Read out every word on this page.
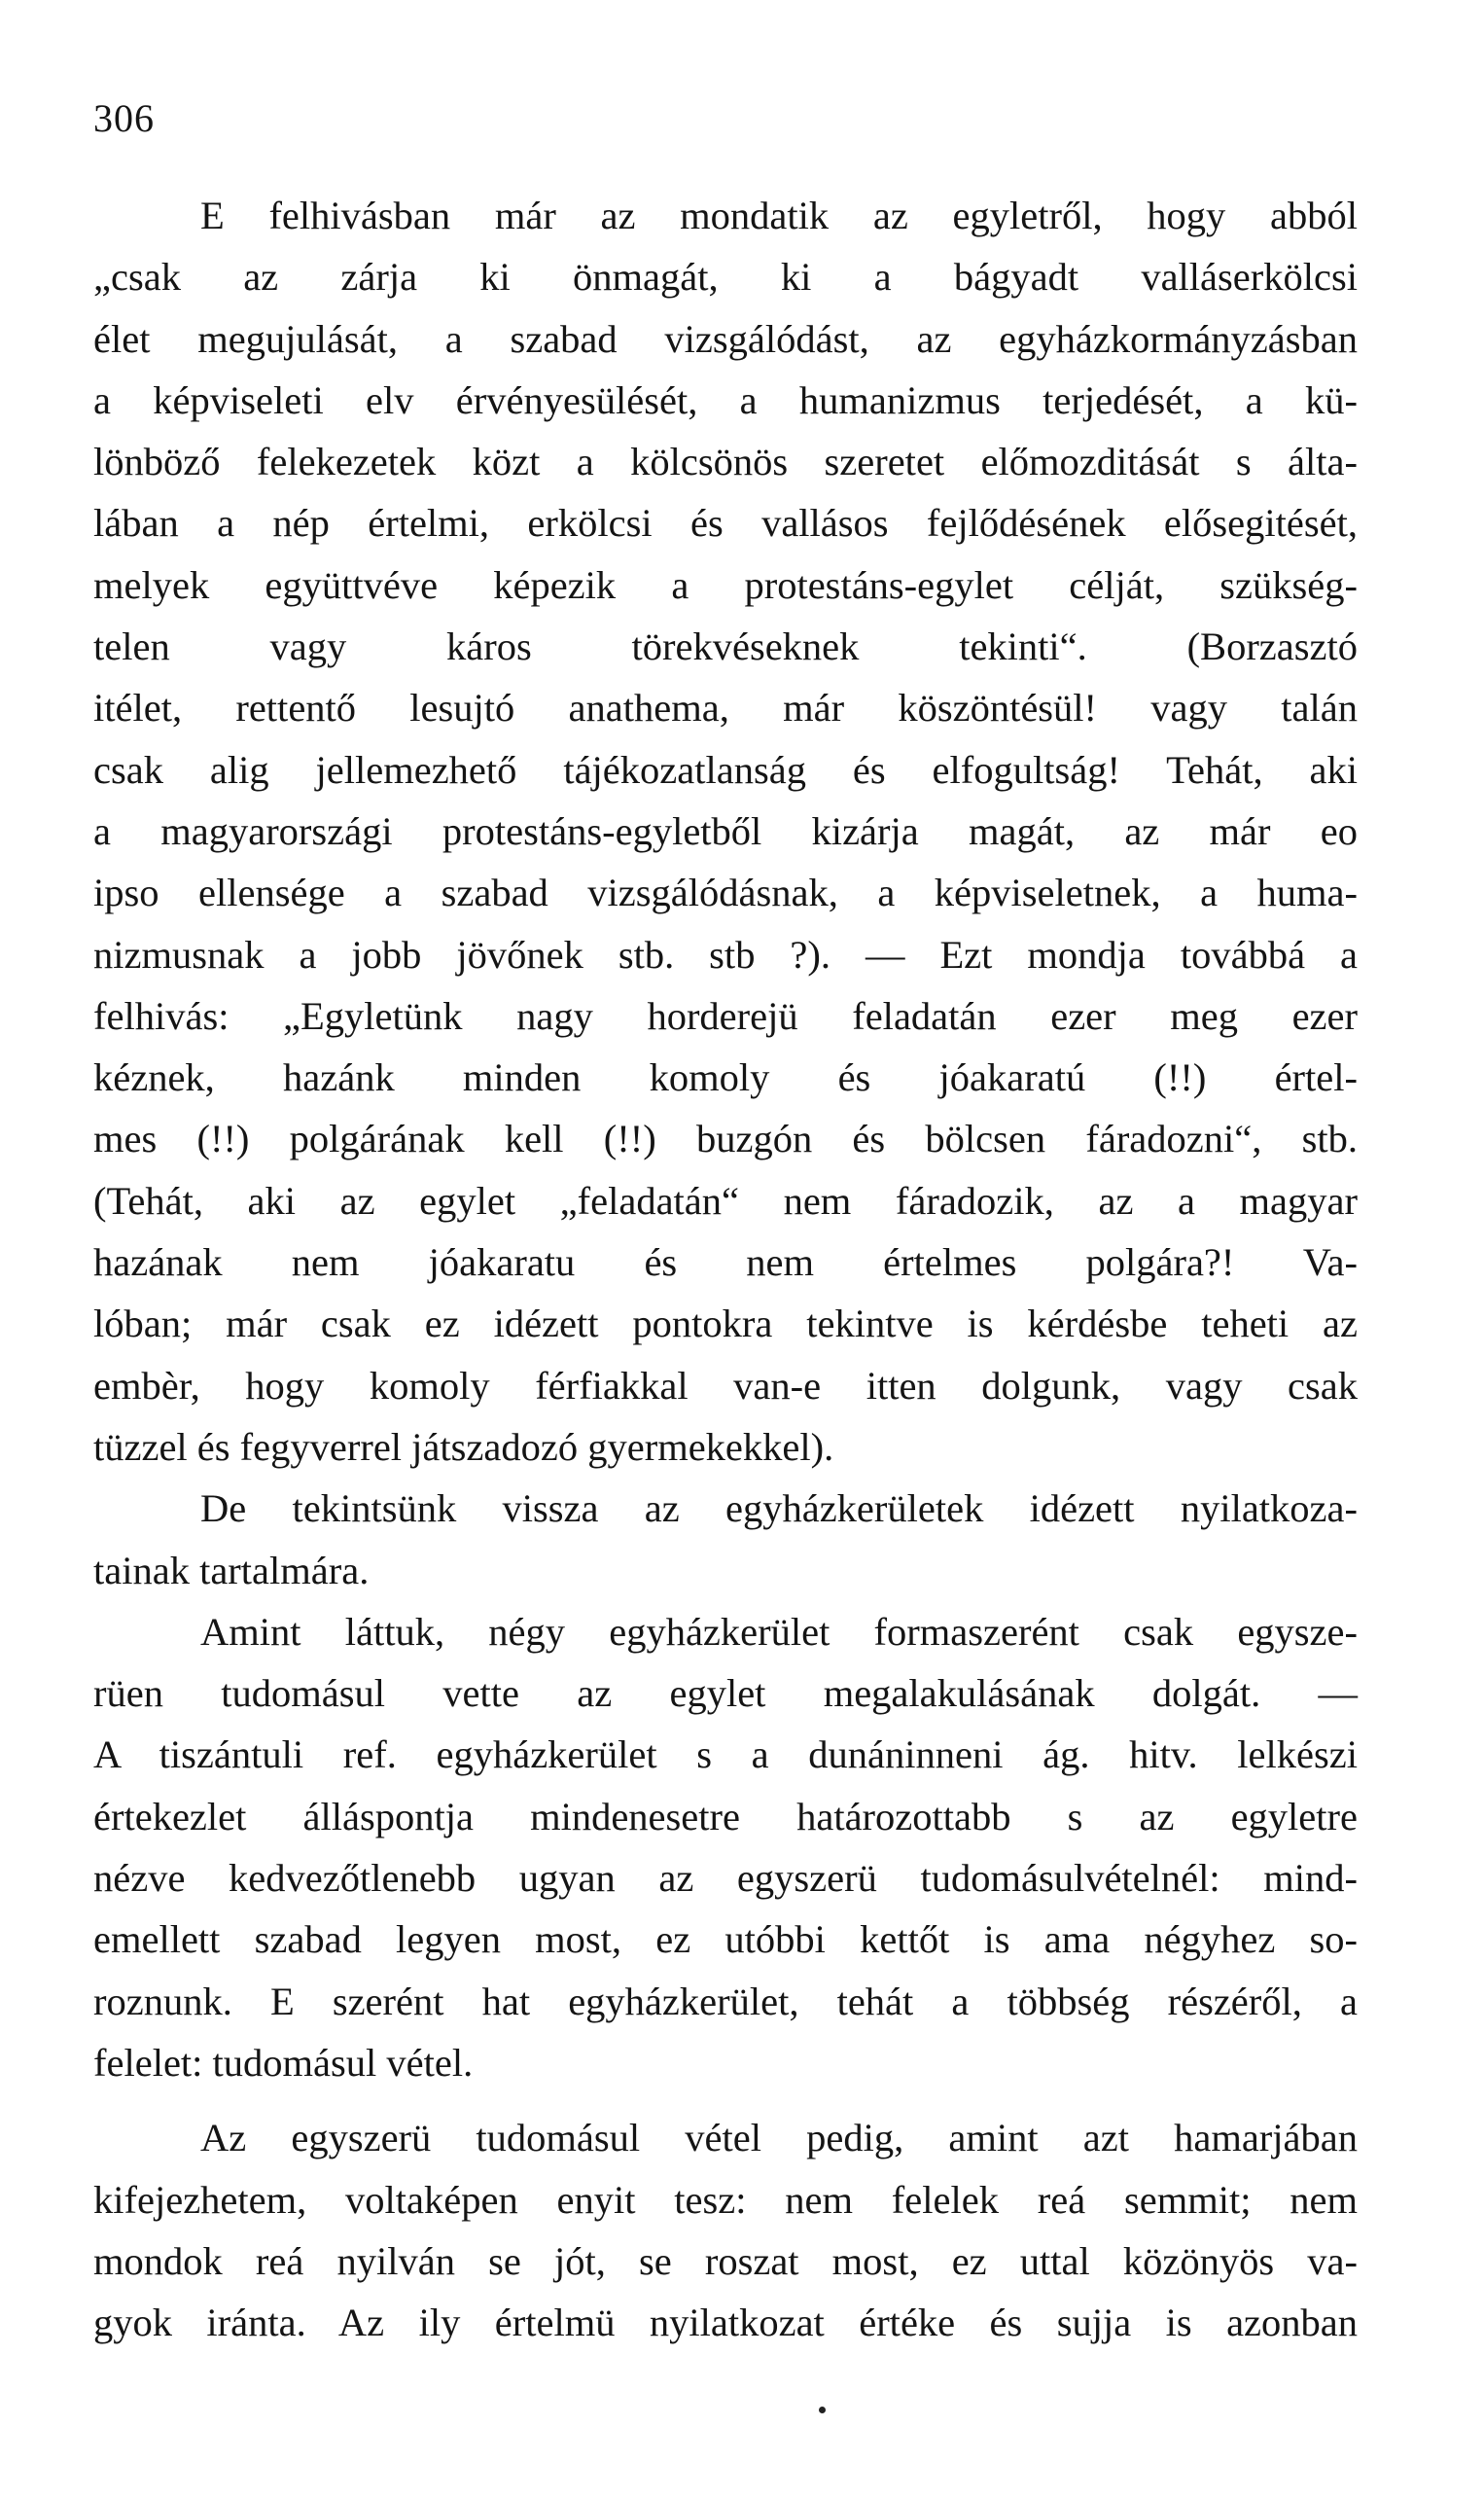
306
E felhivásban már az mondatik az egyletről, hogy abból
„csak az zárja ki önmagát, ki a bágyadt valláserkölcsi
élet megujulását, a szabad vizsgálódást, az egyházkormányzásban
a képviseleti elv érvényesülését, a humanizmus terjedését, a kü-
lönböző felekezetek közt a kölcsönös szeretet előmozditását s álta-
lában a nép értelmi, erkölcsi és vallásos fejlődésének elősegitését,
melyek együttvéve képezik a protestáns-egylet célját, szükség-
telen vagy káros törekvéseknek tekinti“. (Borzasztó
itélet, rettentő lesujtó anathema, már köszöntésül! vagy talán
csak alig jellemezhető tájékozatlanság és elfogultság! Tehát, aki
a magyarországi protestáns-egyletből kizárja magát, az már eo
ipso ellensége a szabad vizsgálódásnak, a képviseletnek, a huma-
nizmusnak a jobb jövőnek stb. stb ?). — Ezt mondja továbbá a
felhivás: „Egyletünk nagy horderejü feladatán ezer meg ezer
kéznek, hazánk minden komoly és jóakaratú (!!) értel-
mes (!!) polgárának kell (!!) buzgón és bölcsen fáradozni“, stb.
(Tehát, aki az egylet „feladatán“ nem fáradozik, az a magyar
hazának nem jóakaratu és nem értelmes polgára?! Va-
lóban; már csak ez idézett pontokra tekintve is kérdésbe teheti az
embèr, hogy komoly férfiakkal van-e itten dolgunk, vagy csak
tüzzel és fegyverrel játszadozó gyermekekkel).
De tekintsünk vissza az egyházkerületek idézett nyilatkoza-
tainak tartalmára.
Amint láttuk, négy egyházkerület formaszerént csak egysze-
rüen tudomásul vette az egylet megalakulásának dolgát. —
A tiszántuli ref. egyházkerület s a dunáninneni ág. hitv. lelkészi
értekezlet álláspontja mindenesetre határozottabb s az egyletre
nézve kedvezőtlenebb ugyan az egyszerü tudomásulvételnél: mind-
emellett szabad legyen most, ez utóbbi kettőt is ama négyhez so-
roznunk. E szerént hat egyházkerület, tehát a többség részéről, a
felelet: tudomásul vétel.
Az egyszerü tudomásul vétel pedig, amint azt hamarjában
kifejezhetem, voltaképen enyit tesz: nem felelek reá semmit; nem
mondok reá nyilván se jót, se roszat most, ez uttal közönyös va-
gyok iránta. Az ily értelmü nyilatkozat értéke és sujja is azonban
